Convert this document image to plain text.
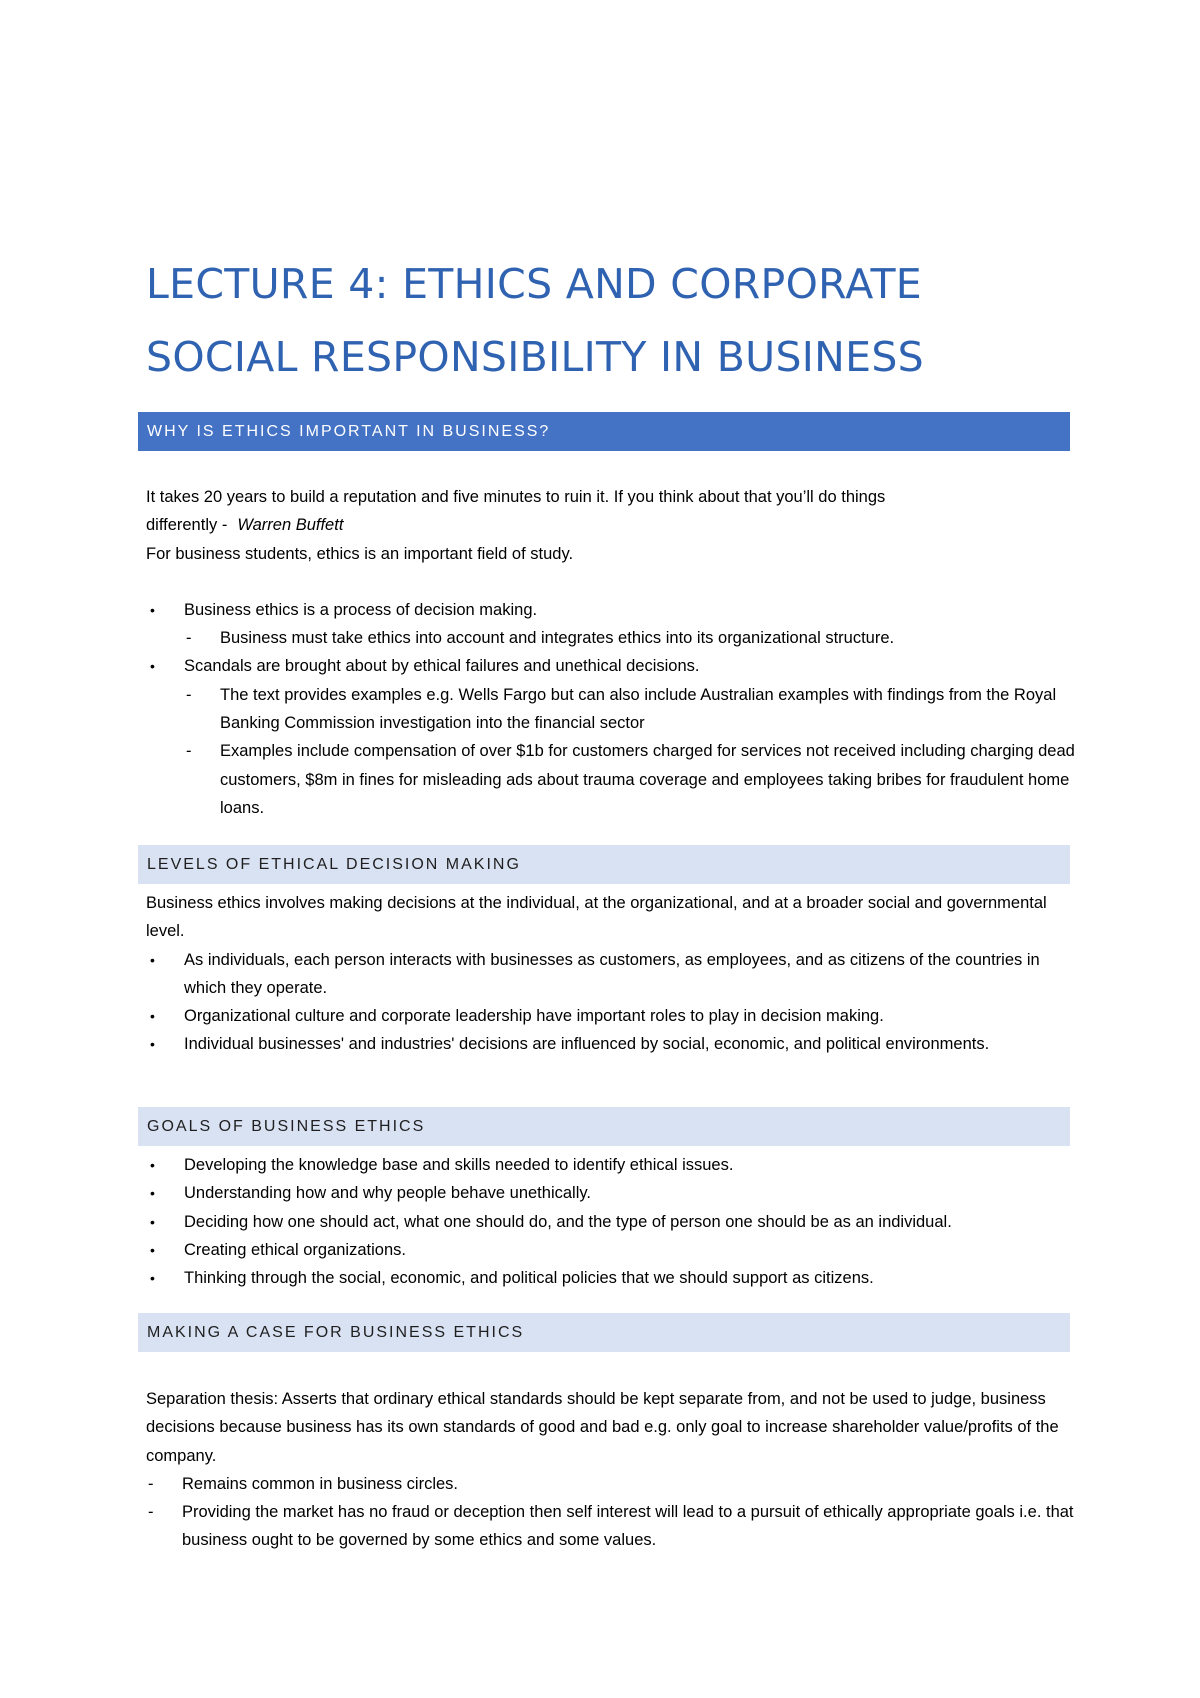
LECTURE 4: ETHICS AND CORPORATE
SOCIAL RESPONSIBILITY IN BUSINESS
WHY IS ETHICS IMPORTANT IN BUSINESS?

It takes 20 years to build a reputation and five minutes to ruin it. If you think about that you’ll do things

differently - Warren Buffett

For business students, ethics is an important field of study.

• Business ethics is a process of decision making.
- Business must take ethics into account and integrates ethics into its organizational structure.
• Scandals are brought about by ethical failures and unethical decisions.
- The text provides examples e.g. Wells Fargo but can also include Australian examples with findings from the Royal Banking Commission investigation into the financial sector
- Examples include compensation of over $1b for customers charged for services not received including charging dead customers, $8m in fines for misleading ads about trauma coverage and employees taking bribes for fraudulent home loans.
LEVELS OF ETHICAL DECISION MAKING

Business ethics involves making decisions at the individual, at the organizational, and at a broader social and governmental level.

• As individuals, each person interacts with businesses as customers, as employees, and as citizens of the countries in which they operate.
• Organizational culture and corporate leadership have important roles to play in decision making.
• Individual businesses' and industries' decisions are influenced by social, economic, and political environments.
GOALS OF BUSINESS ETHICS
• Developing the knowledge base and skills needed to identify ethical issues.
• Understanding how and why people behave unethically.
• Deciding how one should act, what one should do, and the type of person one should be as an individual.
• Creating ethical organizations.
• Thinking through the social, economic, and political policies that we should support as citizens.
MAKING A CASE FOR BUSINESS ETHICS

Separation thesis: Asserts that ordinary ethical standards should be kept separate from, and not be used to judge, business decisions because business has its own standards of good and bad e.g. only goal to increase shareholder value/profits of the company.

- Remains common in business circles.
- Providing the market has no fraud or deception then self interest will lead to a pursuit of ethically appropriate goals i.e. that business ought to be governed by some ethics and some values.
